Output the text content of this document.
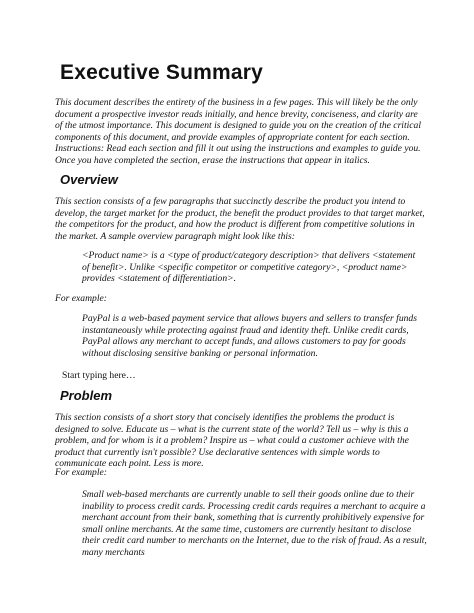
Executive Summary

This document describes the entirety of the business in a few pages. This will likely be the only document a prospective investor reads initially, and hence brevity, conciseness, and clarity are of the utmost importance. This document is designed to guide you on the creation of the critical components of this document, and provide examples of appropriate content for each section. Instructions: Read each section and fill it out using the instructions and examples to guide you. Once you have completed the section, erase the instructions that appear in italics.

Overview

This section consists of a few paragraphs that succinctly describe the product you intend to develop, the target market for the product, the benefit the product provides to that target market, the competitors for the product, and how the product is different from competitive solutions in the market. A sample overview paragraph might look like this:

<Product name> is a <type of product/category description> that delivers <statement of benefit>. Unlike <specific competitor or competitive category>, <product name> provides <statement of differentiation>.

For example:

PayPal is a web-based payment service that allows buyers and sellers to transfer funds instantaneously while protecting against fraud and identity theft. Unlike credit cards, PayPal allows any merchant to accept funds, and allows customers to pay for goods without disclosing sensitive banking or personal information.

Start typing here…

Problem

This section consists of a short story that concisely identifies the problems the product is designed to solve. Educate us – what is the current state of the world? Tell us – why is this a problem, and for whom is it a problem? Inspire us – what could a customer achieve with the product that currently isn't possible? Use declarative sentences with simple words to communicate each point. Less is more.

For example:

Small web-based merchants are currently unable to sell their goods online due to their inability to process credit cards. Processing credit cards requires a merchant to acquire a merchant account from their bank, something that is currently prohibitively expensive for small online merchants. At the same time, customers are currently hesitant to disclose their credit card number to merchants on the Internet, due to the risk of fraud. As a result, many merchants
